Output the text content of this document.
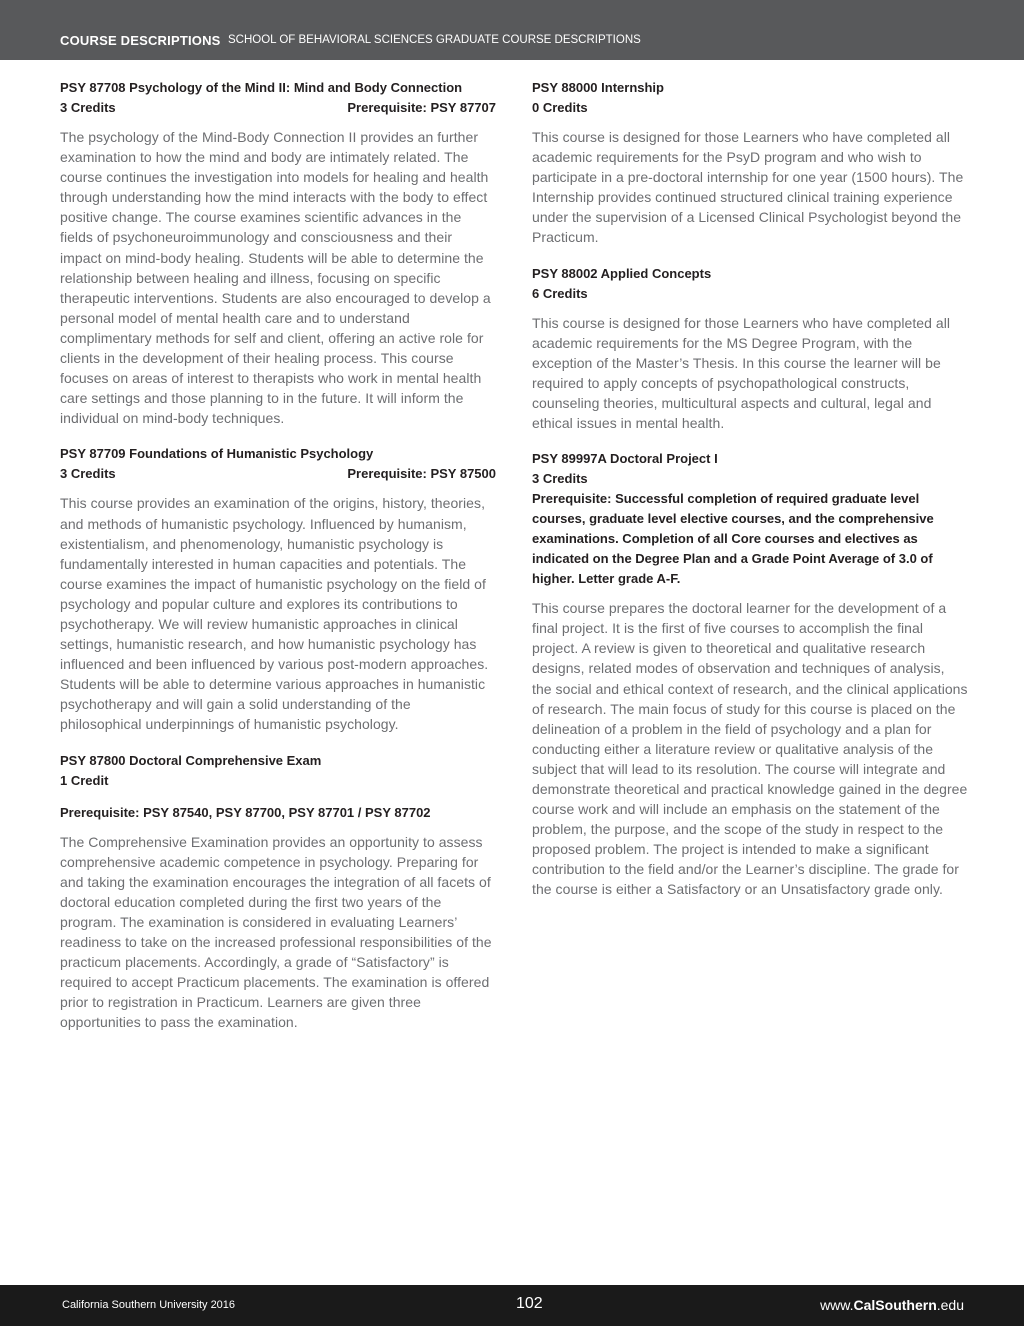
COURSE DESCRIPTIONS SCHOOL OF BEHAVIORAL SCIENCES GRADUATE COURSE DESCRIPTIONS
PSY 87708 Psychology of the Mind II: Mind and Body Connection
3 Credits	Prerequisite: PSY 87707
The psychology of the Mind-Body Connection II provides an further examination to how the mind and body are intimately related. The course continues the investigation into models for healing and health through understanding how the mind interacts with the body to effect positive change. The course examines scientific advances in the fields of psychoneuroimmunology and consciousness and their impact on mind-body healing. Students will be able to determine the relationship between healing and illness, focusing on specific therapeutic interventions. Students are also encouraged to develop a personal model of mental health care and to understand complimentary methods for self and client, offering an active role for clients in the development of their healing process. This course focuses on areas of interest to therapists who work in mental health care settings and those planning to in the future. It will inform the individual on mind-body techniques.
PSY 87709 Foundations of Humanistic Psychology
3 Credits	Prerequisite: PSY 87500
This course provides an examination of the origins, history, theories, and methods of humanistic psychology. Influenced by humanism, existentialism, and phenomenology, humanistic psychology is fundamentally interested in human capacities and potentials. The course examines the impact of humanistic psychology on the field of psychology and popular culture and explores its contributions to psychotherapy. We will review humanistic approaches in clinical settings, humanistic research, and how humanistic psychology has influenced and been influenced by various post-modern approaches. Students will be able to determine various approaches in humanistic psychotherapy and will gain a solid understanding of the philosophical underpinnings of humanistic psychology.
PSY 87800 Doctoral Comprehensive Exam
1 Credit
Prerequisite: PSY 87540, PSY 87700, PSY 87701 / PSY 87702
The Comprehensive Examination provides an opportunity to assess comprehensive academic competence in psychology. Preparing for and taking the examination encourages the integration of all facets of doctoral education completed during the first two years of the program. The examination is considered in evaluating Learners’ readiness to take on the increased professional responsibilities of the practicum placements. Accordingly, a grade of “Satisfactory” is required to accept Practicum placements. The examination is offered prior to registration in Practicum. Learners are given three opportunities to pass the examination.
PSY 88000 Internship
0 Credits
This course is designed for those Learners who have completed all academic requirements for the PsyD program and who wish to participate in a pre-doctoral internship for one year (1500 hours). The Internship provides continued structured clinical training experience under the supervision of a Licensed Clinical Psychologist beyond the Practicum.
PSY 88002 Applied Concepts
6 Credits
This course is designed for those Learners who have completed all academic requirements for the MS Degree Program, with the exception of the Master’s Thesis. In this course the learner will be required to apply concepts of psychopathological constructs, counseling theories, multicultural aspects and cultural, legal and ethical issues in mental health.
PSY 89997A Doctoral Project I
3 Credits
Prerequisite: Successful completion of required graduate level courses, graduate level elective courses, and the comprehensive examinations. Completion of all Core courses and electives as indicated on the Degree Plan and a Grade Point Average of 3.0 of higher. Letter grade A-F.
This course prepares the doctoral learner for the development of a final project. It is the first of five courses to accomplish the final project. A review is given to theoretical and qualitative research designs, related modes of observation and techniques of analysis, the social and ethical context of research, and the clinical applications of research. The main focus of study for this course is placed on the delineation of a problem in the field of psychology and a plan for conducting either a literature review or qualitative analysis of the subject that will lead to its resolution. The course will integrate and demonstrate theoretical and practical knowledge gained in the degree course work and will include an emphasis on the statement of the problem, the purpose, and the scope of the study in respect to the proposed problem. The project is intended to make a significant contribution to the field and/or the Learner’s discipline. The grade for the course is either a Satisfactory or an Unsatisfactory grade only.
California Southern University 2016	102	www.CalSouthern.edu
